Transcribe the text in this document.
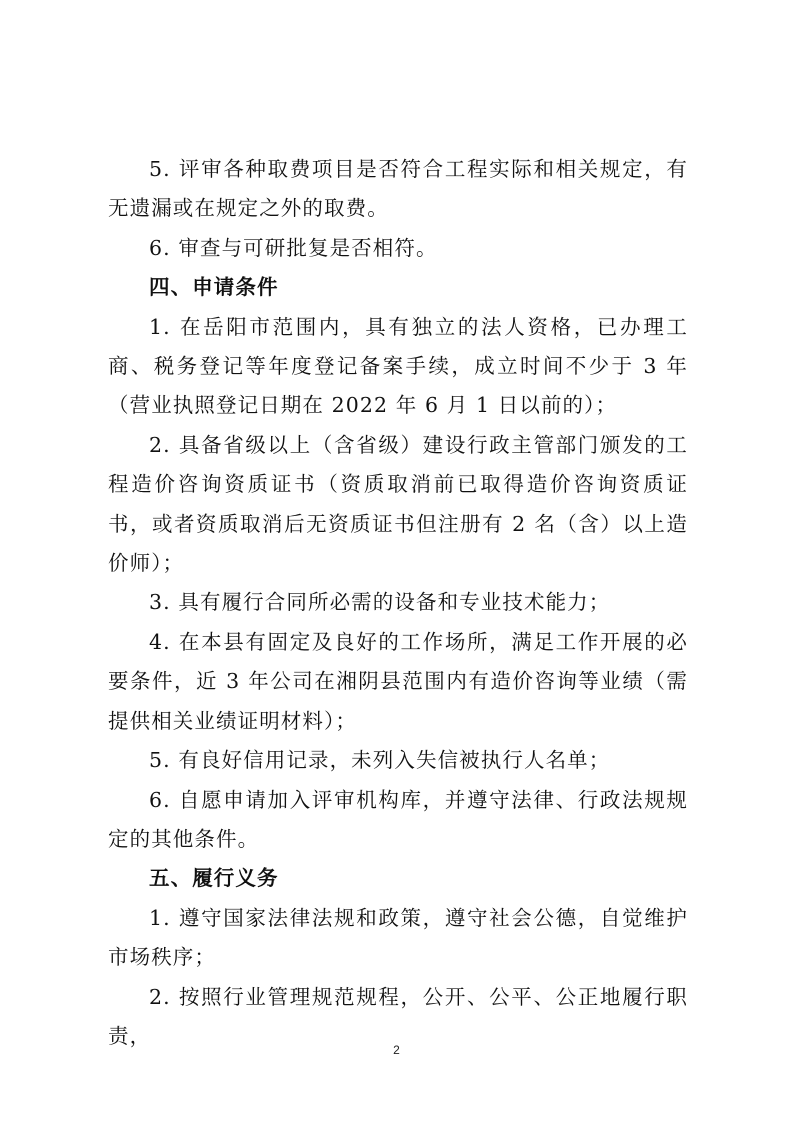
5. 评审各种取费项目是否符合工程实际和相关规定，有无遗漏或在规定之外的取费。

6. 审查与可研批复是否相符。

四、申请条件

1. 在岳阳市范围内，具有独立的法人资格，已办理工商、税务登记等年度登记备案手续，成立时间不少于 3 年（营业执照登记日期在 2022 年 6 月 1 日以前的）；

2. 具备省级以上（含省级）建设行政主管部门颁发的工程造价咨询资质证书（资质取消前已取得造价咨询资质证书，或者资质取消后无资质证书但注册有 2 名（含）以上造价师）；

3. 具有履行合同所必需的设备和专业技术能力；

4. 在本县有固定及良好的工作场所，满足工作开展的必要条件，近 3 年公司在湘阴县范围内有造价咨询等业绩（需提供相关业绩证明材料）；

5. 有良好信用记录，未列入失信被执行人名单；

6. 自愿申请加入评审机构库，并遵守法律、行政法规规定的其他条件。

五、履行义务

1. 遵守国家法律法规和政策，遵守社会公德，自觉维护市场秩序；

2. 按照行业管理规范规程，公开、公平、公正地履行职责，

2
